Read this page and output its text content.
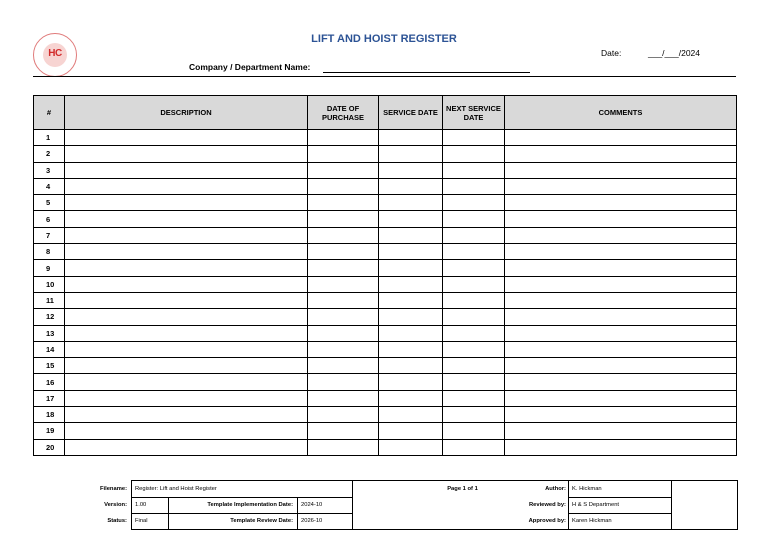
HC
LIFT AND HOIST REGISTER
Company / Department Name:
Date:	___/___/2024
#	DESCRIPTION	DATE OF PURCHASE	SERVICE DATE	NEXT SERVICE DATE	COMMENTS
1					
2					
3					
4					
5					
6					
7					
8					
9					
10					
11					
12					
13					
14					
15					
16					
17					
18					
19					
20					
Filename: Register: Lift and Hoist Register	Page 1 of 1	Author: K. Hickman
Version: 1.00	Template Implementation Date: 2024-10	Reviewed by: H & S Department
Status: Final	Template Review Date: 2026-10	Approved by: Karen Hickman
